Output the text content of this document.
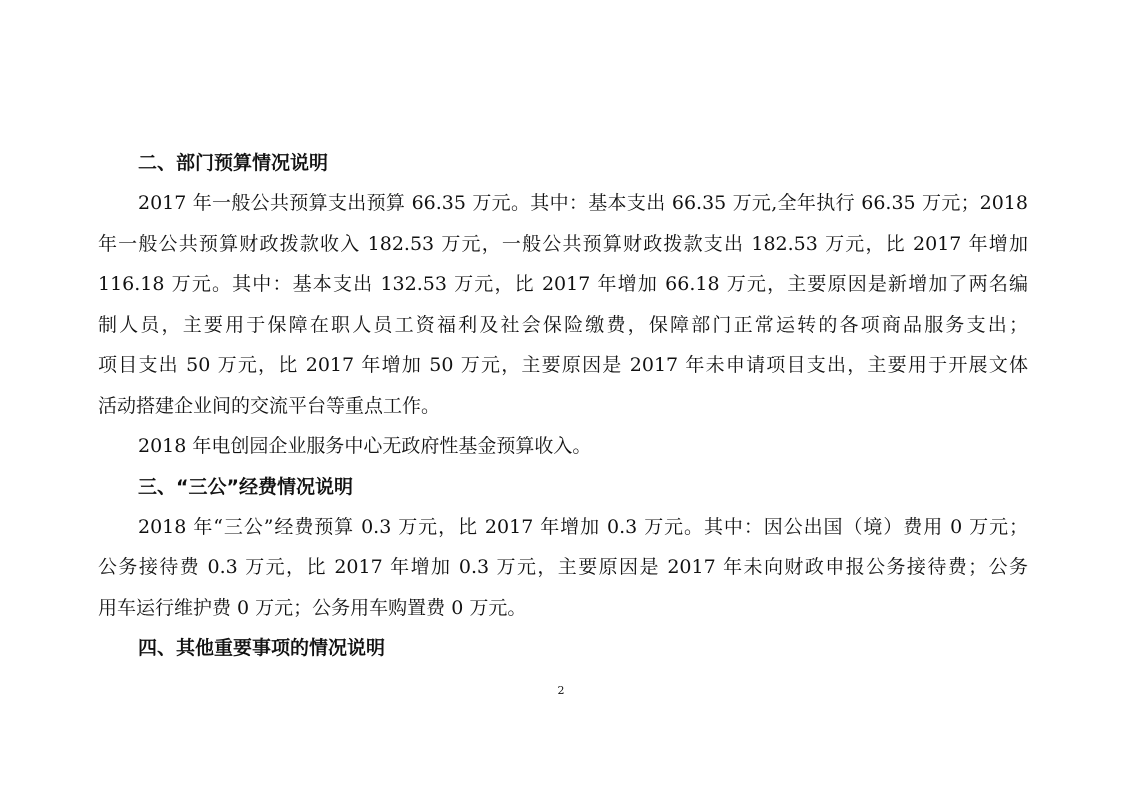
二、部门预算情况说明
2017 年一般公共预算支出预算 66.35 万元。其中：基本支出 66.35 万元,全年执行 66.35 万元；2018
年一般公共预算财政拨款收入 182.53 万元，一般公共预算财政拨款支出 182.53 万元，比 2017 年增加
116.18 万元。其中：基本支出 132.53 万元，比 2017 年增加 66.18 万元，主要原因是新增加了两名编
制人员，主要用于保障在职人员工资福利及社会保险缴费，保障部门正常运转的各项商品服务支出；
项目支出 50 万元，比 2017 年增加 50 万元，主要原因是 2017 年未申请项目支出，主要用于开展文体
活动搭建企业间的交流平台等重点工作。
2018 年电创园企业服务中心无政府性基金预算收入。
三、“三公”经费情况说明
2018 年“三公”经费预算 0.3 万元，比 2017 年增加 0.3 万元。其中：因公出国（境）费用 0 万元；
公务接待费 0.3 万元，比 2017 年增加 0.3 万元，主要原因是 2017 年未向财政申报公务接待费；公务
用车运行维护费 0 万元；公务用车购置费 0 万元。
四、其他重要事项的情况说明
2
